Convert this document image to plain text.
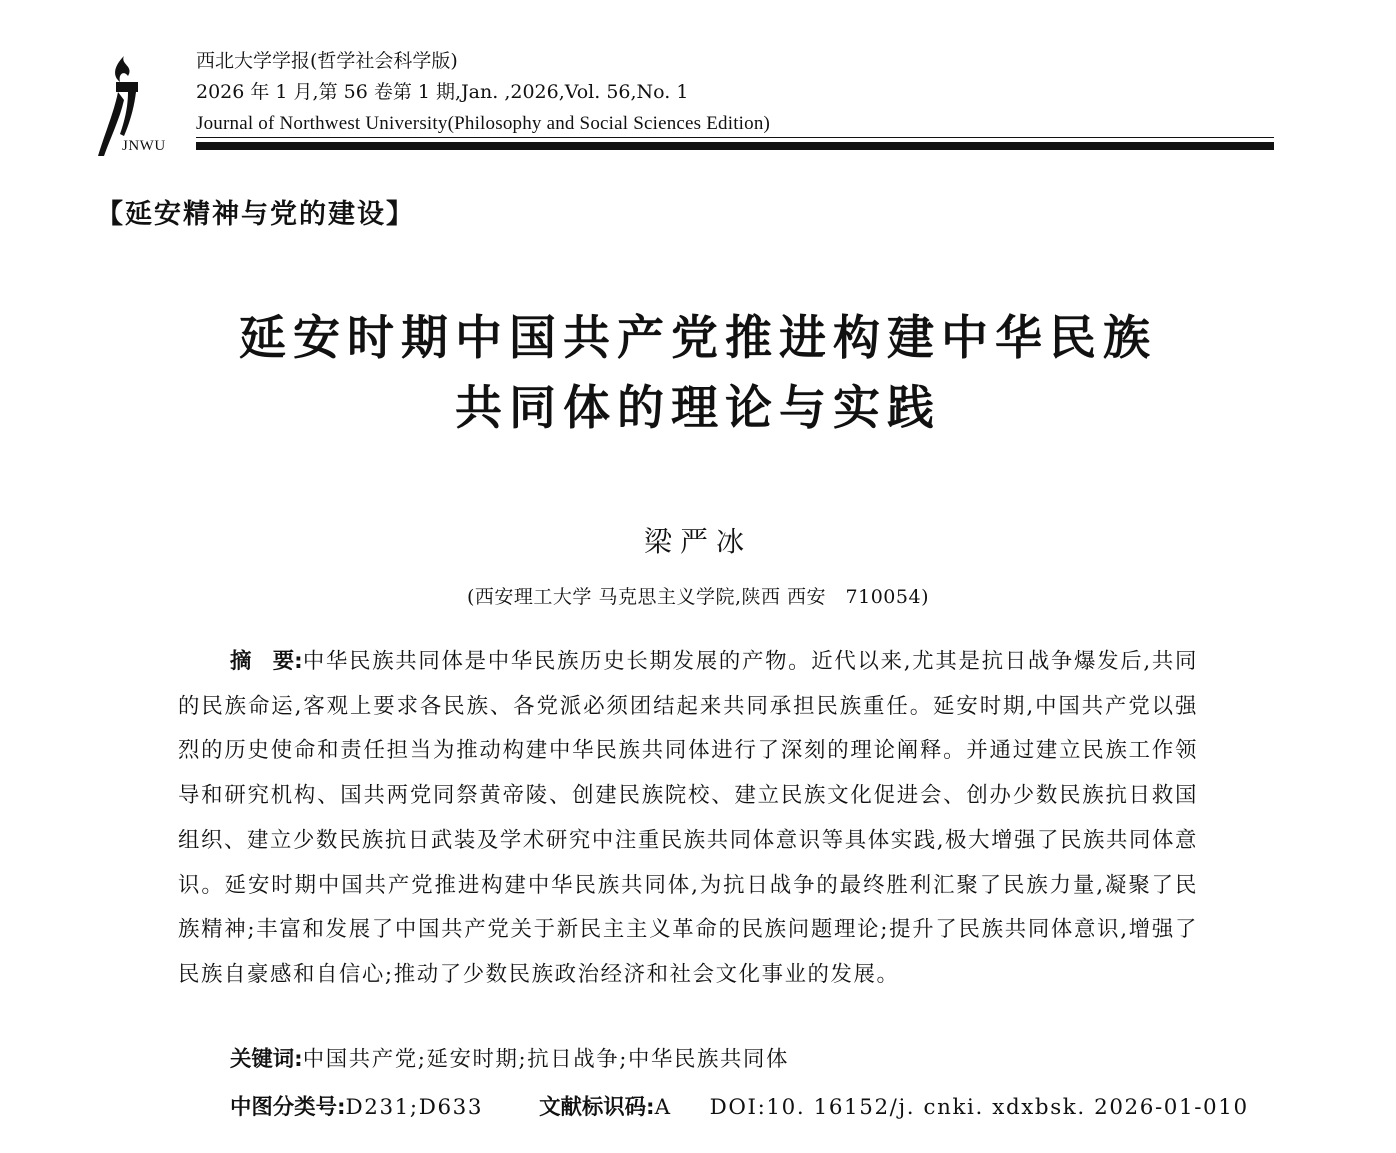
JNWU
西北大学学报(哲学社会科学版)
2026 年 1 月,第 56 卷第 1 期,Jan. ,2026,Vol. 56,No. 1
Journal of Northwest University(Philosophy and Social Sciences Edition)
【延安精神与党的建设】
延安时期中国共产党推进构建中华民族
共同体的理论与实践
梁严冰
(西安理工大学 马克思主义学院,陕西 西安　710054)
摘　要:中华民族共同体是中华民族历史长期发展的产物。近代以来,尤其是抗日战争爆发后,共同的民族命运,客观上要求各民族、各党派必须团结起来共同承担民族重任。延安时期,中国共产党以强烈的历史使命和责任担当为推动构建中华民族共同体进行了深刻的理论阐释。并通过建立民族工作领导和研究机构、国共两党同祭黄帝陵、创建民族院校、建立民族文化促进会、创办少数民族抗日救国组织、建立少数民族抗日武装及学术研究中注重民族共同体意识等具体实践,极大增强了民族共同体意识。延安时期中国共产党推进构建中华民族共同体,为抗日战争的最终胜利汇聚了民族力量,凝聚了民族精神;丰富和发展了中国共产党关于新民主主义革命的民族问题理论;提升了民族共同体意识,增强了民族自豪感和自信心;推动了少数民族政治经济和社会文化事业的发展。
关键词:中国共产党;延安时期;抗日战争;中华民族共同体
中图分类号:D231;D633	文献标识码:A DOI:10. 16152/j. cnki. xdxbsk. 2026-01-010
